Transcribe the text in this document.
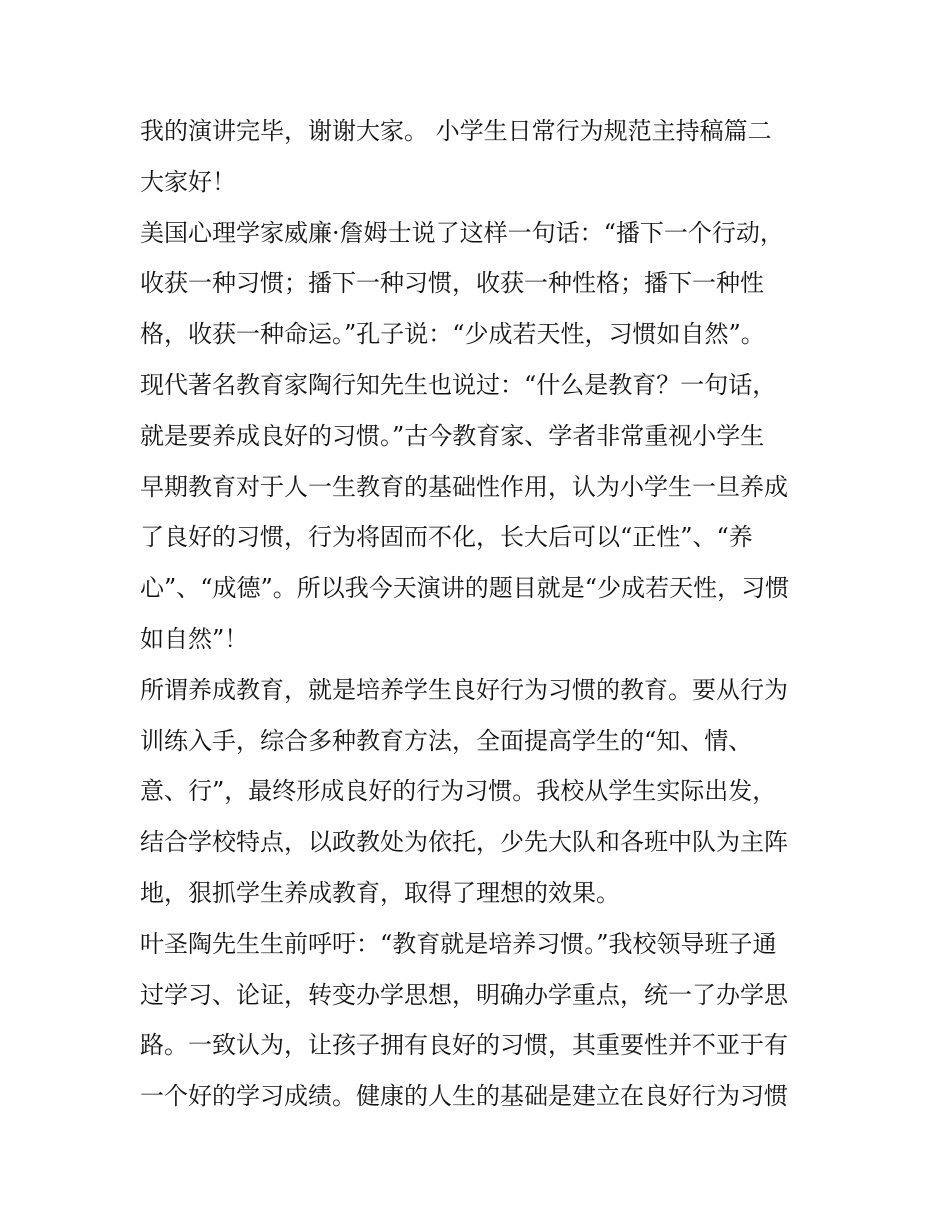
我的演讲完毕，谢谢大家。 小学生日常行为规范主持稿篇二
大家好！
美国心理学家威廉·詹姆士说了这样一句话：“播下一个行动，
收获一种习惯；播下一种习惯，收获一种性格；播下一种性
格，收获一种命运。”孔子说：“少成若天性，习惯如自然”。
现代著名教育家陶行知先生也说过：“什么是教育？一句话，
就是要养成良好的习惯。”古今教育家、学者非常重视小学生
早期教育对于人一生教育的基础性作用，认为小学生一旦养成
了良好的习惯，行为将固而不化，长大后可以“正性”、“养
心”、“成德”。所以我今天演讲的题目就是“少成若天性，习惯
如自然”！
所谓养成教育，就是培养学生良好行为习惯的教育。要从行为
训练入手，综合多种教育方法，全面提高学生的“知、情、
意、行”，最终形成良好的行为习惯。我校从学生实际出发，
结合学校特点，以政教处为依托，少先大队和各班中队为主阵
地，狠抓学生养成教育，取得了理想的效果。
叶圣陶先生生前呼吁：“教育就是培养习惯。”我校领导班子通
过学习、论证，转变办学思想，明确办学重点，统一了办学思
路。一致认为，让孩子拥有良好的习惯，其重要性并不亚于有
一个好的学习成绩。健康的人生的基础是建立在良好行为习惯
